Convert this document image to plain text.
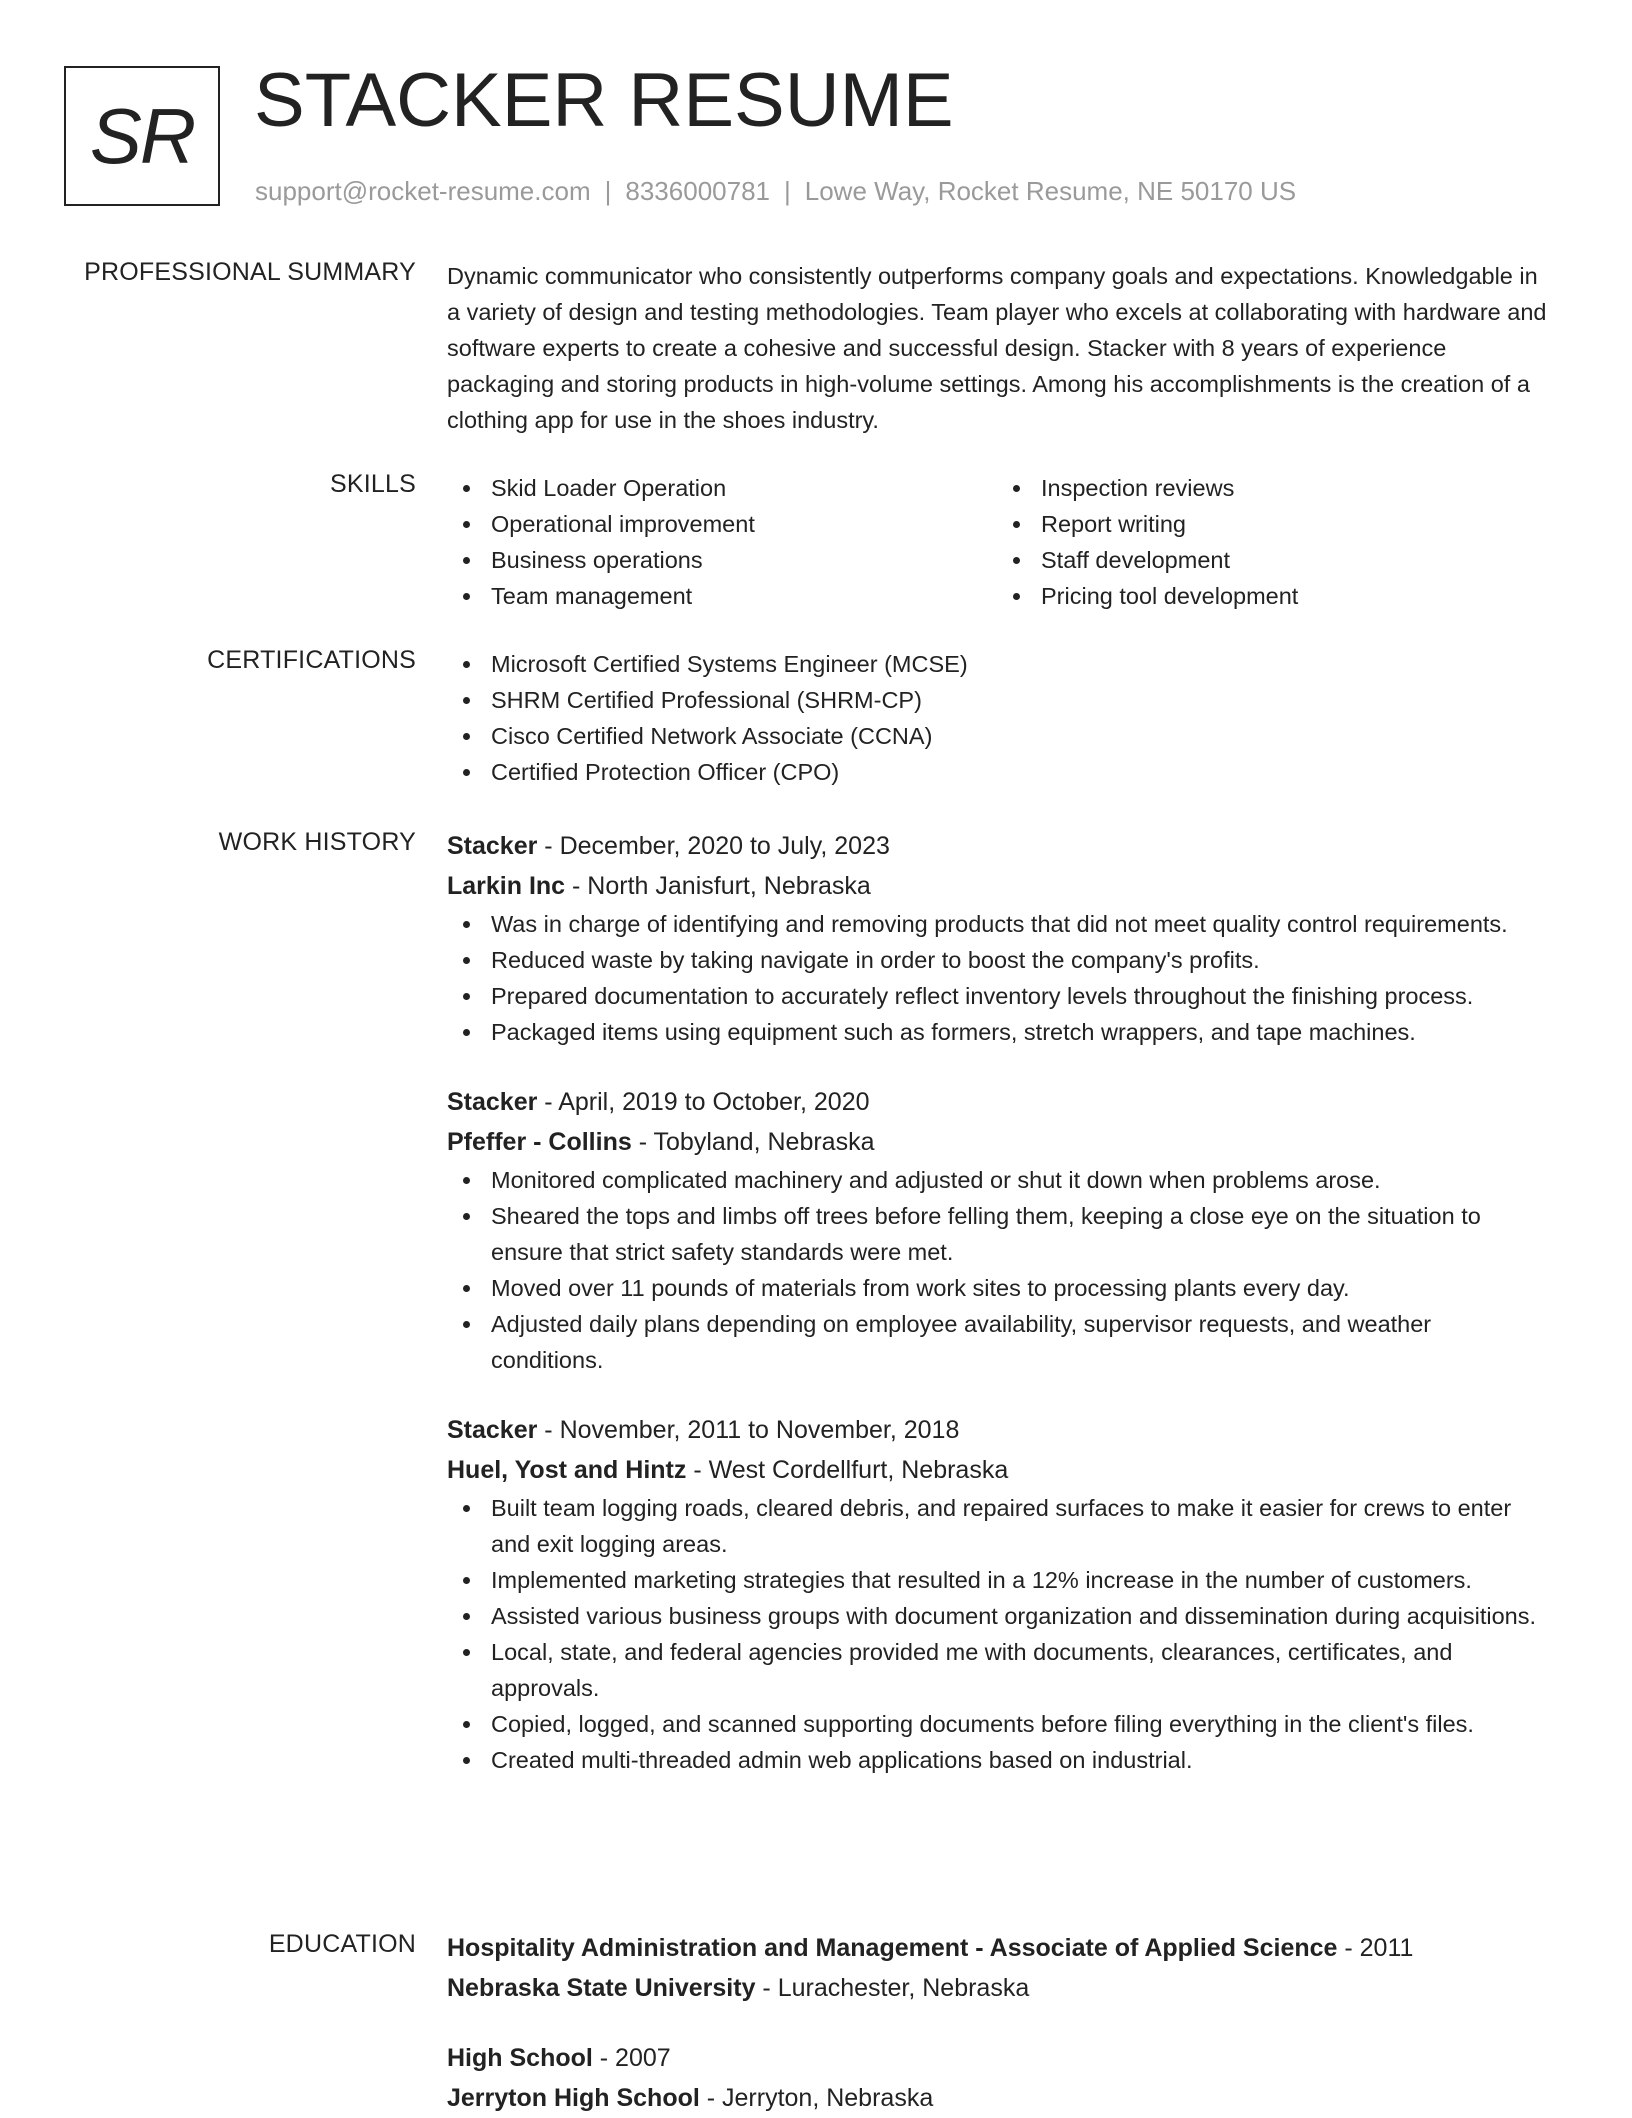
SR STACKER RESUME
support@rocket-resume.com | 8336000781 | Lowe Way, Rocket Resume, NE 50170 US
PROFESSIONAL SUMMARY Dynamic communicator who consistently outperforms company goals and expectations. Knowledgable in a variety of design and testing methodologies. Team player who excels at collaborating with hardware and software experts to create a cohesive and successful design. Stacker with 8 years of experience packaging and storing products in high-volume settings. Among his accomplishments is the creation of a clothing app for use in the shoes industry.

SKILLS	Skid Loader Operation
Operational improvement
Business operations
Team management
Inspection reviews
Report writing
Staff development
Pricing tool development
CERTIFICATIONS	Microsoft Certified Systems Engineer (MCSE)
SHRM Certified Professional (SHRM-CP)
Cisco Certified Network Associate (CCNA)
Certified Protection Officer (CPO)
WORK HISTORY Stacker - December, 2020 to July, 2023
Larkin Inc - North Janisfurt, Nebraska
Was in charge of identifying and removing products that did not meet quality control requirements.
Reduced waste by taking navigate in order to boost the company's profits.
Prepared documentation to accurately reflect inventory levels throughout the finishing process.
Packaged items using equipment such as formers, stretch wrappers, and tape machines.
Stacker - April, 2019 to October, 2020
Pfeffer - Collins - Tobyland, Nebraska
Monitored complicated machinery and adjusted or shut it down when problems arose.
Sheared the tops and limbs off trees before felling them, keeping a close eye on the situation to ensure that strict safety standards were met.
Moved over 11 pounds of materials from work sites to processing plants every day.
Adjusted daily plans depending on employee availability, supervisor requests, and weather conditions.
Stacker - November, 2011 to November, 2018
Huel, Yost and Hintz - West Cordellfurt, Nebraska
Built team logging roads, cleared debris, and repaired surfaces to make it easier for crews to enter and exit logging areas.
Implemented marketing strategies that resulted in a 12% increase in the number of customers.
Assisted various business groups with document organization and dissemination during acquisitions.
Local, state, and federal agencies provided me with documents, clearances, certificates, and approvals.
Copied, logged, and scanned supporting documents before filing everything in the client's files.
Created multi-threaded admin web applications based on industrial.
EDUCATION Hospitality Administration and Management - Associate of Applied Science - 2011
Nebraska State University - Lurachester, Nebraska
High School - 2007
Jerryton High School - Jerryton, Nebraska
